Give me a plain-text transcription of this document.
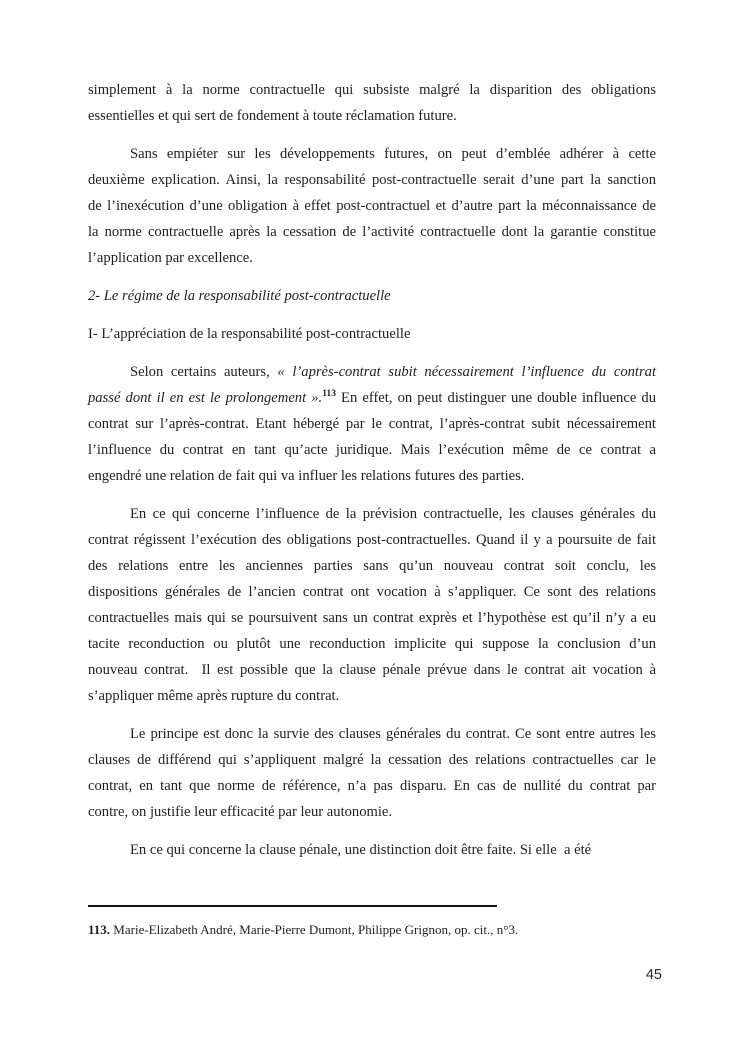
simplement à la norme contractuelle qui subsiste malgré la disparition des obligations
essentielles et qui sert de fondement à toute réclamation future.

Sans empiéter sur les développements futures, on peut d’emblée adhérer à cette
deuxième explication. Ainsi, la responsabilité post-contractuelle serait d’une part la sanction
de l’inexécution d’une obligation à effet post-contractuel et d’autre part la méconnaissance de
la norme contractuelle après la cessation de l’activité contractuelle dont la garantie constitue
l’application par excellence.

2- Le régime de la responsabilité post-contractuelle

I- L’appréciation de la responsabilité post-contractuelle

Selon certains auteurs, « l’après-contrat subit nécessairement l’influence du contrat
passé dont il en est le prolongement ».$^{113}$ En effet, on peut distinguer une double influence du
contrat sur l’après-contrat. Etant hébergé par le contrat, l’après-contrat subit nécessairement
l’influence du contrat en tant qu’acte juridique. Mais l’exécution même de ce contrat a
engendré une relation de fait qui va influer les relations futures des parties.

En ce qui concerne l’influence de la prévision contractuelle, les clauses générales du
contrat régissent l’exécution des obligations post-contractuelles. Quand il y a poursuite de fait
des relations entre les anciennes parties sans qu’un nouveau contrat soit conclu, les
dispositions générales de l’ancien contrat ont vocation à s’appliquer. Ce sont des relations
contractuelles mais qui se poursuivent sans un contrat exprès et l’hypothèse est qu’il n’y a eu
tacite reconduction ou plutôt une reconduction implicite qui suppose la conclusion d’un
nouveau contrat.  Il est possible que la clause pénale prévue dans le contrat ait vocation à
s’appliquer même après rupture du contrat.

Le principe est donc la survie des clauses générales du contrat. Ce sont entre autres les
clauses de différend qui s’appliquent malgré la cessation des relations contractuelles car le
contrat, en tant que norme de référence, n’a pas disparu. En cas de nullité du contrat par
contre, on justifie leur efficacité par leur autonomie.

En ce qui concerne la clause pénale, une distinction doit être faite. Si elle  a été

113. Marie-Elizabeth André, Marie-Pierre Dumont, Philippe Grignon, op. cit., n°3.

45
